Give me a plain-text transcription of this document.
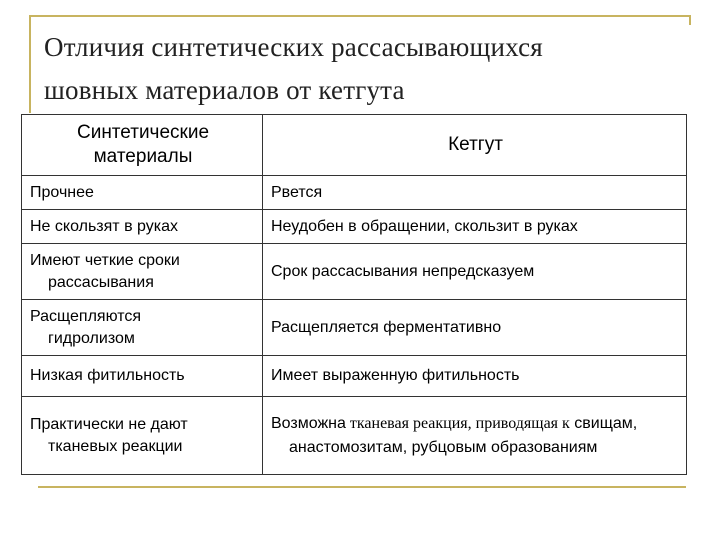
Отличия синтетических рассасывающихся
шовных материалов от кетгута
Синтетические материалы	Кетгут
Прочнее	Рвется
Не скользят в руках	Неудобен в обращении, скользит в руках

Имеют четкие сроки рассасывания	Срок рассасывания непредсказуем

Расщепляются гидролизом	Расщепляется ферментативно
Низкая фитильность	Имеет выраженную фитильность

Практически не дают тканевых реакции	Возможна тканевая реакция, приводящая к свищам, анастомозитам, рубцовым образованиям
